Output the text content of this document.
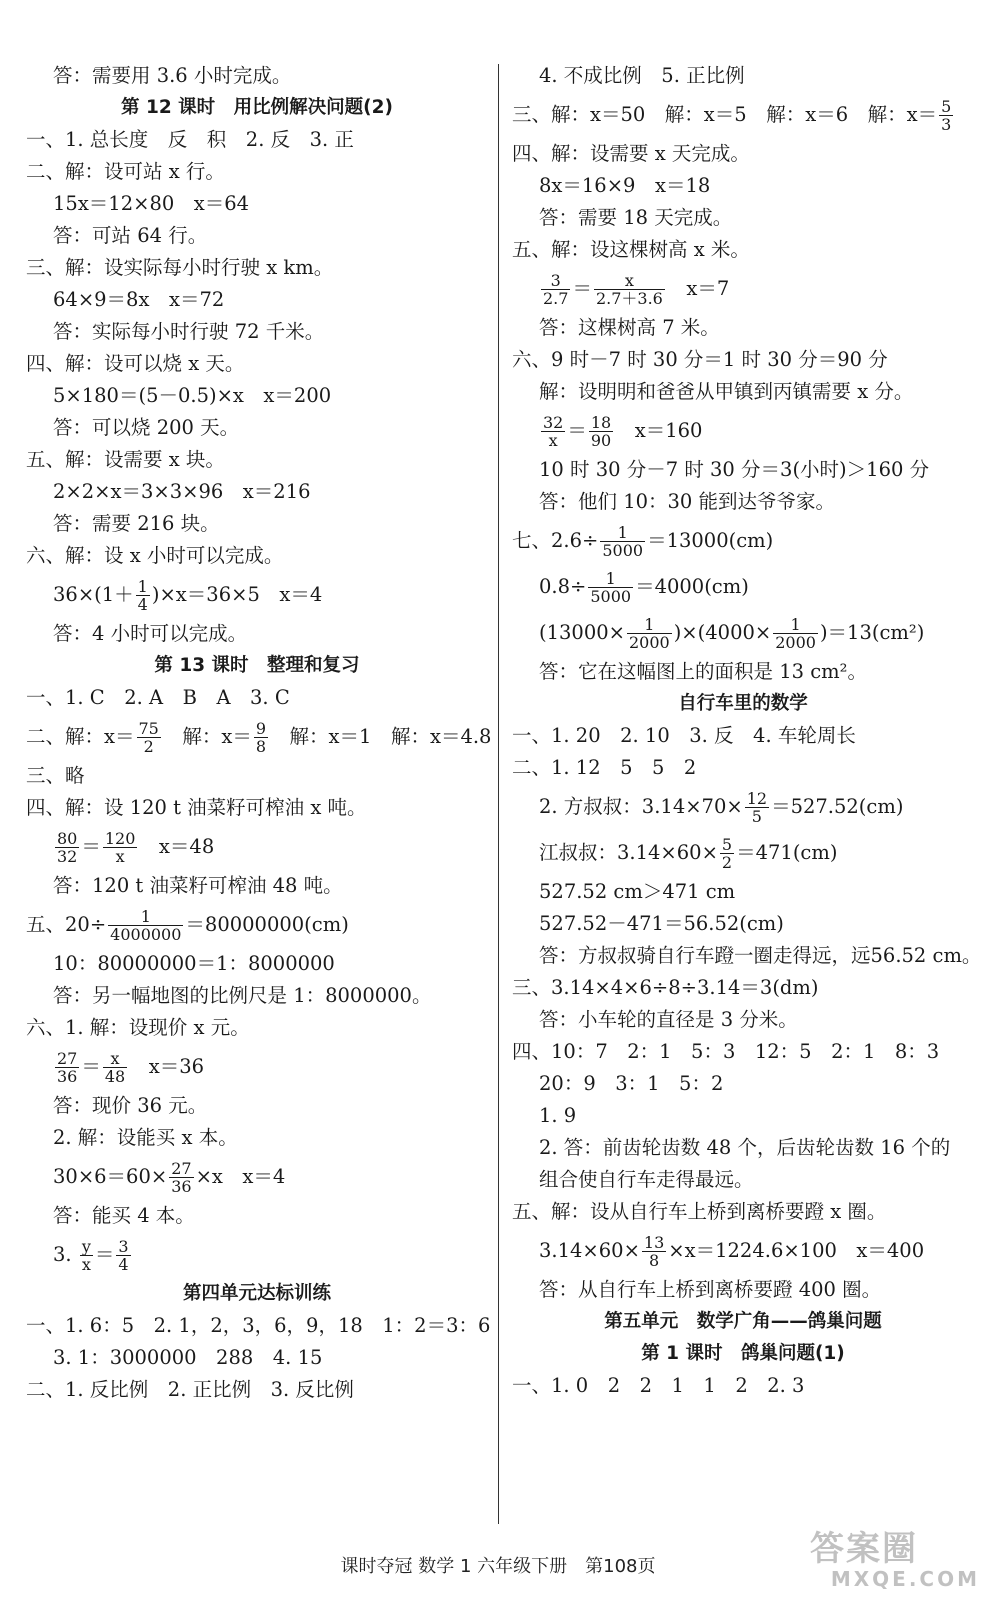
答：需要用 3.6 小时完成。
第 12 课时　用比例解决问题(2)
一、1. 总长度　反　积　2. 反　3. 正
二、解：设可站 x 行。
15x＝12×80　x＝64
答：可站 64 行。
三、解：设实际每小时行驶 x km。
64×9＝8x　x＝72
答：实际每小时行驶 72 千米。
四、解：设可以烧 x 天。
5×180＝(5－0.5)×x　x＝200
答：可以烧 200 天。
五、解：设需要 x 块。
2×2×x＝3×3×96　x＝216
答：需要 216 块。
六、解：设 x 小时可以完成。
$36\times(1+ \frac{1}{4} )\times x=36\times 5$　x＝4
答：4 小时可以完成。
第 13 课时　整理和复习
一、1. C　2. A　B　A　3. C
二、解：$x= \frac{75}{2}$ 　解：$x= \frac{9}{8}$ 　解：x＝1　解：x＝4.8
三、略
四、解：设 120 t 油菜籽可榨油 x 吨。
$\frac{80}{32} = \frac{120}{x}$ 　x＝48
答：120 t 油菜籽可榨油 48 吨。
五、$20\div \frac{1}{4000000} =80000000(cm)$
10：80000000＝1：8000000
答：另一幅地图的比例尺是 1：8000000。
六、1. 解：设现价 x 元。
$\frac{27}{36} = \frac{x}{48}$ 　x＝36
答：现价 36 元。
2. 解：设能买 x 本。
$30\times 6=60\times \frac{27}{36} \times x$　x＝4
答：能买 4 本。
3. $\frac{y}{x} = \frac{3}{4}$
第四单元达标训练
一、1. 6：5　2. 1，2，3，6，9，18　1：2＝3：6
3. 1：3000000　288　4. 15
二、1. 反比例　2. 正比例　3. 反比例
4. 不成比例　5. 正比例
三、解：x＝50　解：x＝5　解：x＝6　解：$x= \frac{5}{3}$
四、解：设需要 x 天完成。
8x＝16×9　x＝18
答：需要 18 天完成。
五、解：设这棵树高 x 米。
$\frac{3}{2.7} = \frac{x}{2.7+3.6}$ 　x＝7
答：这棵树高 7 米。
六、9 时－7 时 30 分＝1 时 30 分＝90 分
解：设明明和爸爸从甲镇到丙镇需要 x 分。
$\frac{32}{x} = \frac{18}{90}$ 　x＝160
10 时 30 分－7 时 30 分＝3(小时)＞160 分
答：他们 10：30 能到达爷爷家。
七、$2.6\div \frac{1}{5000} =13000(cm)$
$0.8\div \frac{1}{5000} =4000(cm)$
$(13000\times \frac{1}{2000} )\times(4000\times \frac{1}{2000} )=13(cm^2)$
答：它在这幅图上的面积是 13 cm²。
自行车里的数学
一、1. 20　2. 10　3. 反　4. 车轮周长
二、1. 12　5　5　2
2. 方叔叔：$3.14\times 70\times \frac{12}{5} =527.52(cm)$
江叔叔：$3.14\times 60\times \frac{5}{2} =471(cm)$
527.52 cm＞471 cm
527.52－471＝56.52(cm)
答：方叔叔骑自行车蹬一圈走得远，远56.52 cm。
三、3.14×4×6÷8÷3.14＝3(dm)
答：小车轮的直径是 3 分米。
四、10：7　2：1　5：3　12：5　2：1　8：3
20：9　3：1　5：2
1. 9
2. 答：前齿轮齿数 48 个，后齿轮齿数 16 个的
组合使自行车走得最远。
五、解：设从自行车上桥到离桥要蹬 x 圈。
$3.14\times 60\times \frac{13}{8} \times x=1224.6\times 100$　x＝400
答：从自行车上桥到离桥要蹬 400 圈。
第五单元　数学广角——鸽巢问题
第 1 课时　鸽巢问题(1)
一、1. 0　2　2　1　1　2　2. 3
课时夺冠 数学 1 六年级下册　第108页	答案圈
MXQE.COM
